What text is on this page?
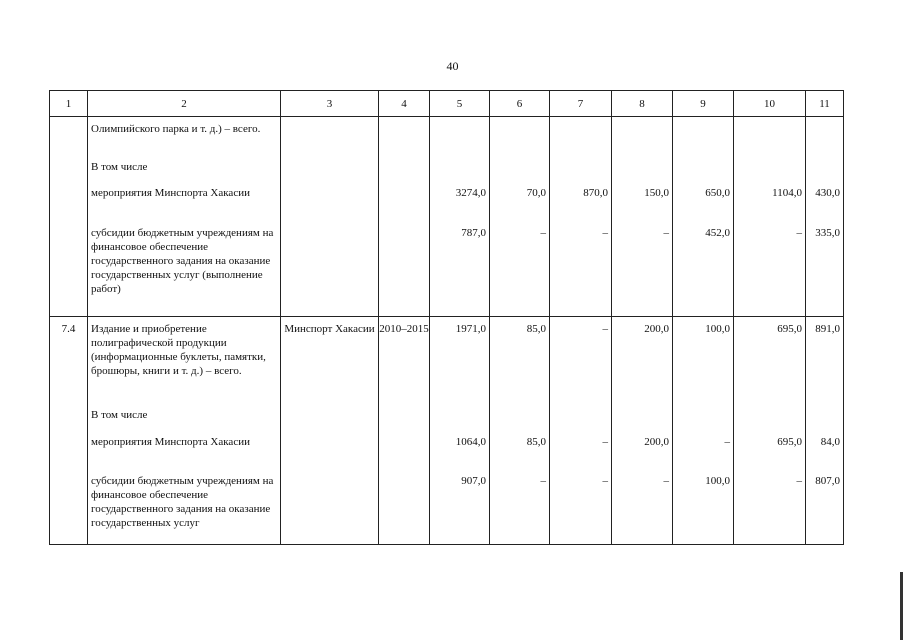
40
1	2	3	4	5	6	7	8	9	10	11
	Олимпийского парка и т. д.) – всего.									
	В том числе									
	мероприятия Минспорта Хакасии			3274,0	70,0	870,0	150,0	650,0	1104,0	430,0
	субсидии бюджетным учреждениям на финансовое обеспечение государственного задания на оказание государственных услуг (выполнение работ)			787,0	–	–	–	452,0	–	335,0
7.4	Издание и приобретение полиграфической продукции (информационные буклеты, памятки, брошюры, книги и т. д.) – всего.	Минспорт Хакасии	2010–2015	1971,0	85,0	–	200,0	100,0	695,0	891,0
	В том числе									
	мероприятия Минспорта Хакасии			1064,0	85,0	–	200,0	–	695,0	84,0
	субсидии бюджетным учреждениям на финансовое обеспечение государственного задания на оказание государственных услуг			907,0	–	–	–	100,0	–	807,0
